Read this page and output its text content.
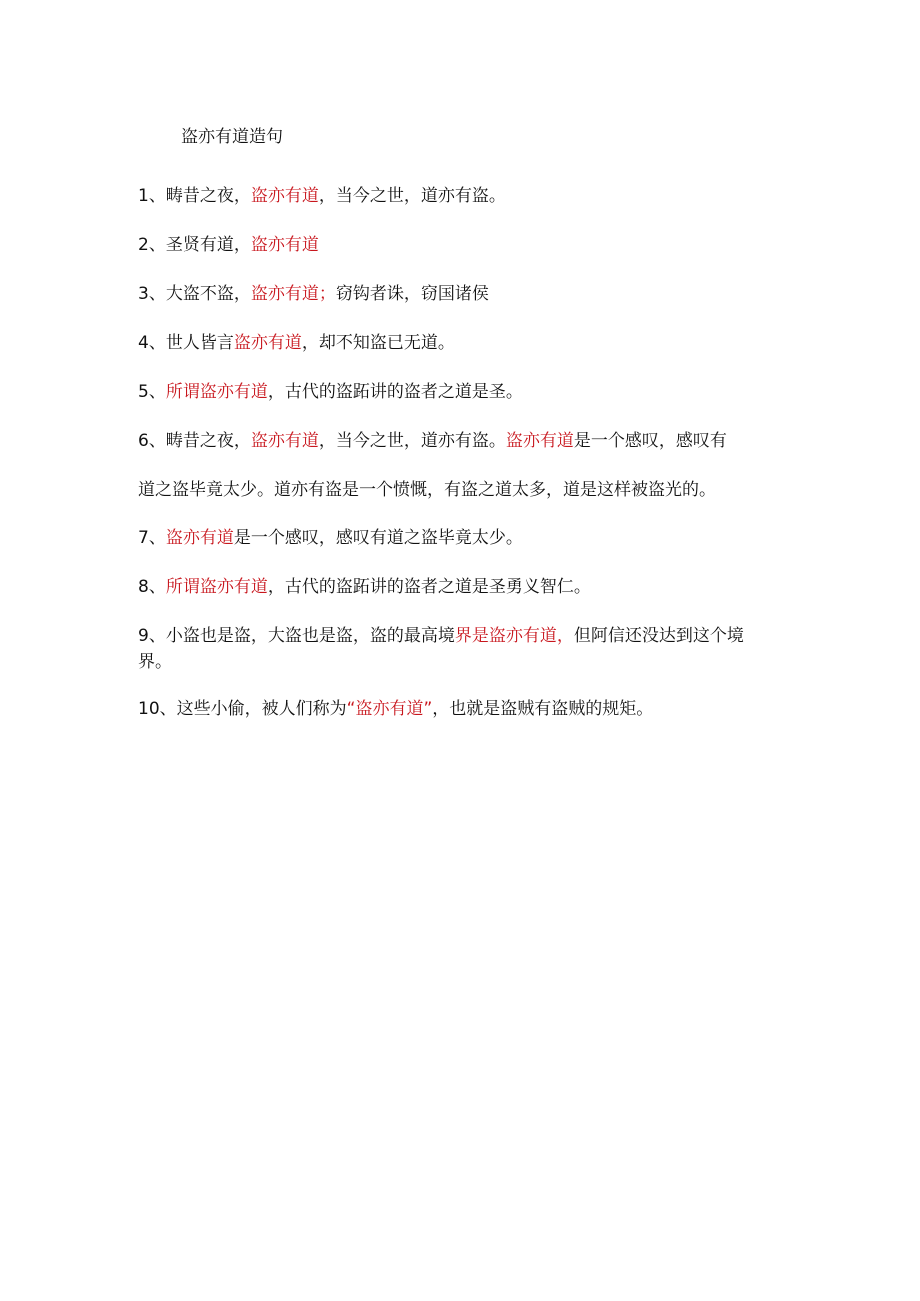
盗亦有道造句
1、畴昔之夜，盗亦有道，当今之世，道亦有盗。
2、圣贤有道，盗亦有道
3、大盗不盗，盗亦有道；窃钩者诛，窃国诸侯
4、世人皆言盗亦有道，却不知盗已无道。
5、所谓盗亦有道，古代的盗跖讲的盗者之道是圣。
6、畴昔之夜，盗亦有道，当今之世，道亦有盗。盗亦有道是一个感叹，感叹有
道之盗毕竟太少。道亦有盗是一个愤慨，有盗之道太多，道是这样被盗光的。
7、盗亦有道是一个感叹，感叹有道之盗毕竟太少。
8、所谓盗亦有道，古代的盗跖讲的盗者之道是圣勇义智仁。
9、小盗也是盗，大盗也是盗，盗的最高境界是盗亦有道，但阿信还没达到这个境
界。
10、这些小偷，被人们称为“盗亦有道”，也就是盗贼有盗贼的规矩。
